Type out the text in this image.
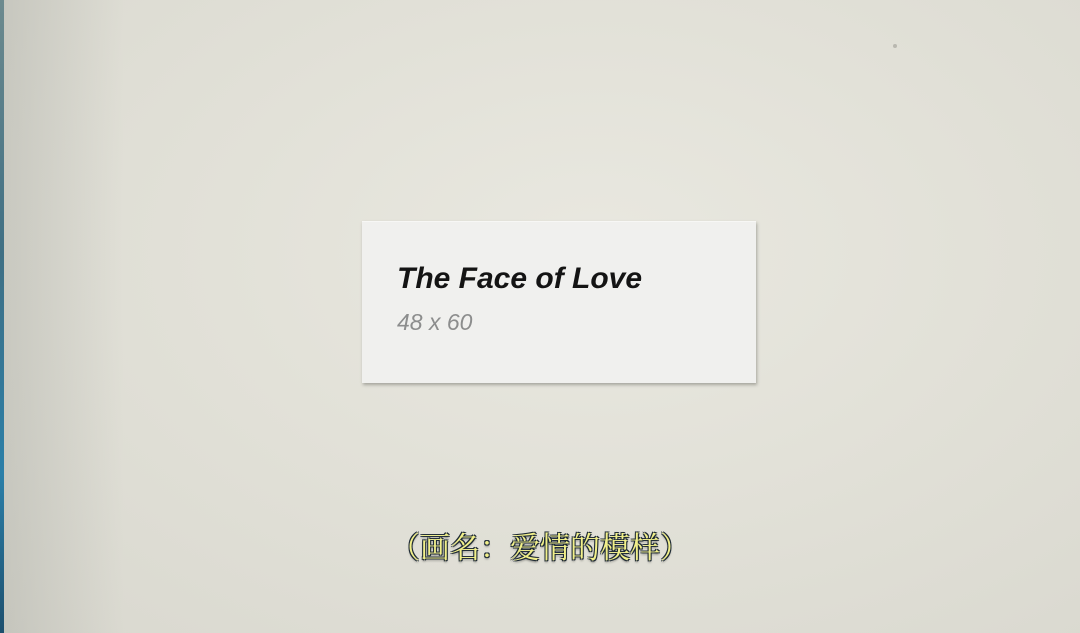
The Face of Love

48 x 60

（画名：爱情的模样）
